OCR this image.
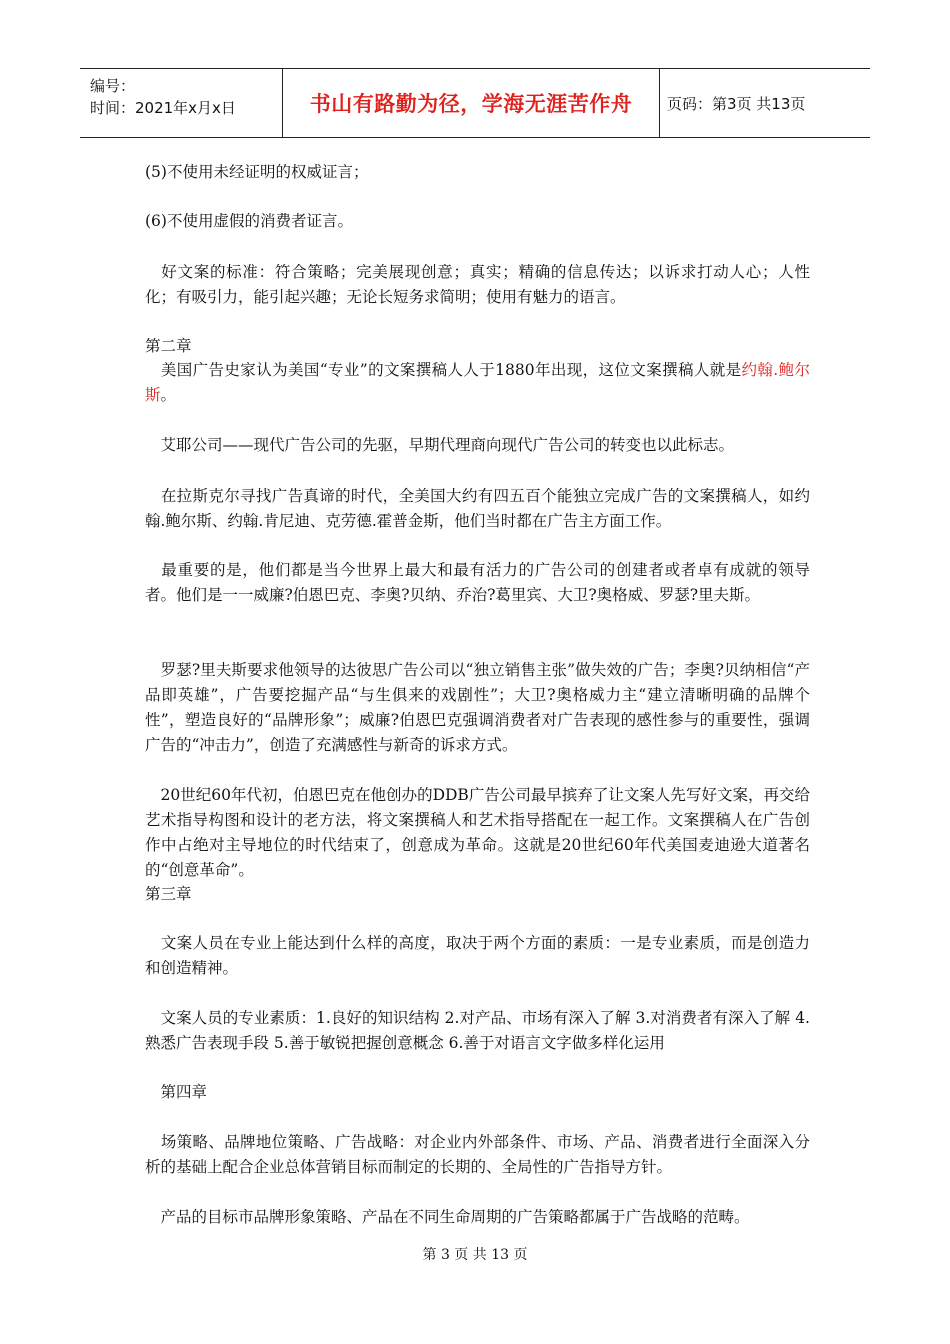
编号：
时间：2021年x月x日	书山有路勤为径，学海无涯苦作舟	页码：第3页 共13页

(5)不使用未经证明的权威证言；

(6)不使用虚假的消费者证言。

　好文案的标准：符合策略；完美展现创意；真实；精确的信息传达；以诉求打动人心；人性化；有吸引力，能引起兴趣；无论长短务求简明；使用有魅力的语言。

第二章

　美国广告史家认为美国“专业”的文案撰稿人人于1880年出现，这位文案撰稿人就是约翰.鲍尔斯。

　艾耶公司——现代广告公司的先驱，早期代理商向现代广告公司的转变也以此标志。

　在拉斯克尔寻找广告真谛的时代，全美国大约有四五百个能独立完成广告的文案撰稿人，如约翰.鲍尔斯、约翰.肯尼迪、克劳德.霍普金斯，他们当时都在广告主方面工作。

　最重要的是，他们都是当今世界上最大和最有活力的广告公司的创建者或者卓有成就的领导者。他们是一一威廉?伯恩巴克、李奥?贝纳、乔治?葛里宾、大卫?奥格威、罗瑟?里夫斯。

　罗瑟?里夫斯要求他领导的达彼思广告公司以“独立销售主张”做失效的广告；李奥?贝纳相信“产品即英雄”，广告要挖掘产品“与生俱来的戏剧性”；大卫?奥格威力主“建立清晰明确的品牌个性”，塑造良好的“品牌形象”；威廉?伯恩巴克强调消费者对广告表现的感性参与的重要性，强调广告的“冲击力”，创造了充满感性与新奇的诉求方式。

　20世纪60年代初，伯恩巴克在他创办的DDB广告公司最早摈弃了让文案人先写好文案，再交给艺术指导构图和设计的老方法，将文案撰稿人和艺术指导搭配在一起工作。文案撰稿人在广告创作中占绝对主导地位的时代结束了，创意成为革命。这就是20世纪60年代美国麦迪逊大道著名的“创意革命”。

第三章

　文案人员在专业上能达到什么样的高度，取决于两个方面的素质：一是专业素质，而是创造力和创造精神。

　文案人员的专业素质：1.良好的知识结构 2.对产品、市场有深入了解 3.对消费者有深入了解 4.熟悉广告表现手段 5.善于敏锐把握创意概念 6.善于对语言文字做多样化运用

　第四章

　场策略、品牌地位策略、广告战略：对企业内外部条件、市场、产品、消费者进行全面深入分析的基础上配合企业总体营销目标而制定的长期的、全局性的广告指导方针。

　产品的目标市品牌形象策略、产品在不同生命周期的广告策略都属于广告战略的范畴。

第 3 页 共 13 页
